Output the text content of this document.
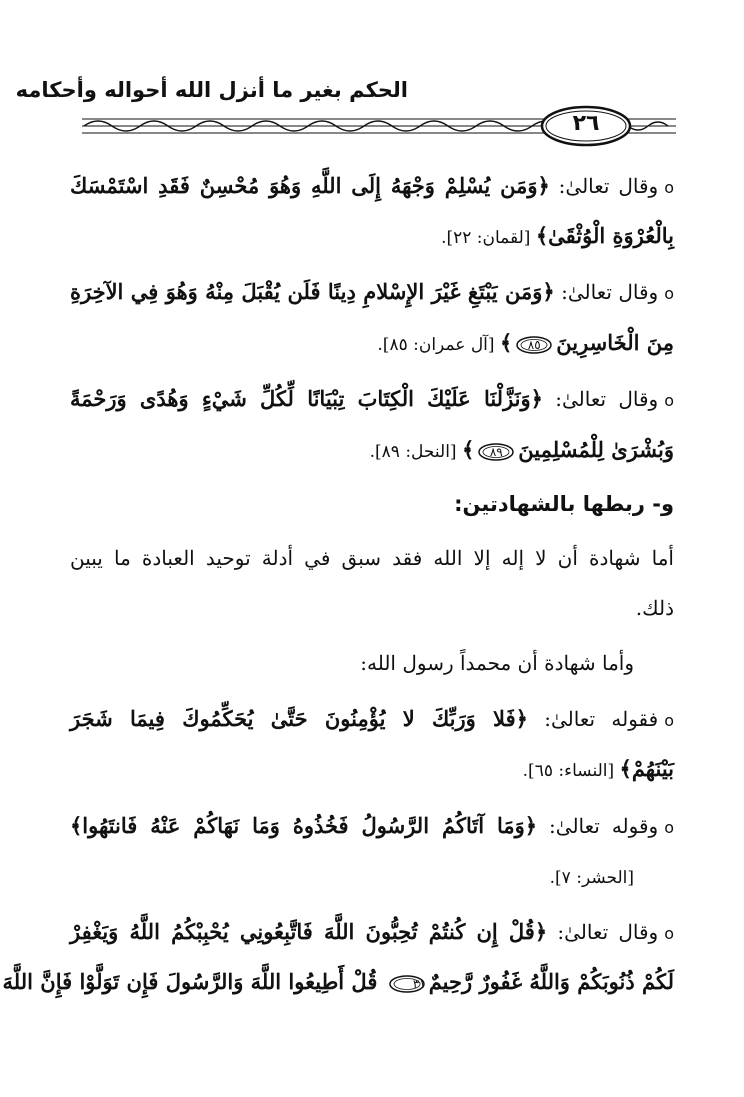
الحكم بغير ما أنزل الله أحواله وأحكامه
٢٦
oوقال تعالىٰ: ﴿وَمَن يُسْلِمْ وَجْهَهُ إِلَى اللَّهِ وَهُوَ مُحْسِنٌ فَقَدِ اسْتَمْسَكَ
بِالْعُرْوَةِ الْوُثْقَىٰ﴾ [لقمان: ٢٢].
oوقال تعالىٰ: ﴿وَمَن يَبْتَغِ غَيْرَ الإِسْلامِ دِينًا فَلَن يُقْبَلَ مِنْهُ وَهُوَ فِي الآخِرَةِ
مِنَ الْخَاسِرِينَ
٨٥
﴾ [آل عمران: ٨٥].
oوقال تعالىٰ: ﴿وَنَزَّلْنَا عَلَيْكَ الْكِتَابَ تِبْيَانًا لِّكُلِّ شَيْءٍ وَهُدًى وَرَحْمَةً
وَبُشْرَىٰ لِلْمُسْلِمِينَ
٨٩
﴾ [النحل: ٨٩].
و- ربطها بالشهادتين:
أما شهادة أن لا إله إلا الله فقد سبق في أدلة توحيد العبادة ما يبين
ذلك.
وأما شهادة أن محمداً رسول الله:
oفقوله تعالىٰ: ﴿فَلا وَرَبِّكَ لا يُؤْمِنُونَ حَتَّىٰ يُحَكِّمُوكَ فِيمَا شَجَرَ
بَيْنَهُمْ﴾ [النساء: ٦٥].
oوقوله تعالىٰ: ﴿وَمَا آتَاكُمُ الرَّسُولُ فَخُذُوهُ وَمَا نَهَاكُمْ عَنْهُ فَانتَهُوا﴾
[الحشر: ٧].
oوقال تعالىٰ: ﴿قُلْ إِن كُنتُمْ تُحِبُّونَ اللَّهَ فَاتَّبِعُونِي يُحْبِبْكُمُ اللَّهُ وَيَغْفِرْ
لَكُمْ ذُنُوبَكُمْ وَاللَّهُ غَفُورٌ رَّحِيمٌ
٣١
قُلْ أَطِيعُوا اللَّهَ وَالرَّسُولَ فَإِن تَوَلَّوْا فَإِنَّ اللَّهَ
